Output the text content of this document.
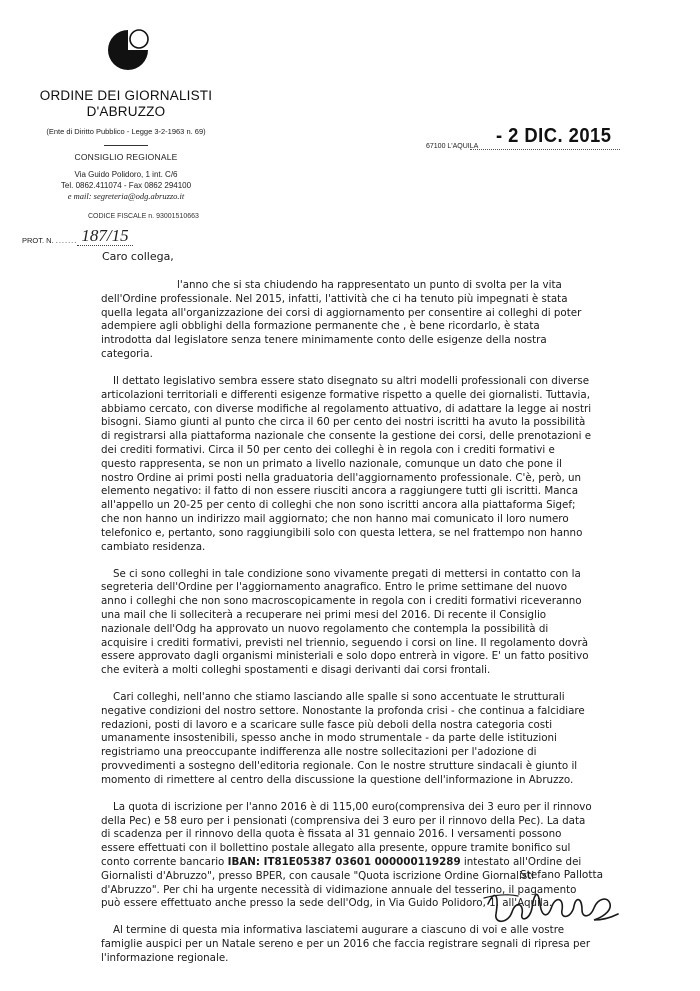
ORDINE DEI GIORNALISTI
D'ABRUZZO
(Ente di Diritto Pubblico - Legge 3-2-1963 n. 69)
CONSIGLIO REGIONALE
Via Guido Polidoro, 1 int. C/6
Tel. 0862.411074 - Fax 0862 294100
e mail: segreteria@odg.abruzzo.it
CODICE FISCALE n. 93001510663
PROT. N. ....... 187/15
67100 L'AQUILA - 2 DIC. 2015
Caro collega,

l'anno che si sta chiudendo ha rappresentato un punto di svolta per la vita dell'Ordine professionale. Nel 2015, infatti, l'attività che ci ha tenuto più impegnati è stata quella legata all'organizzazione dei corsi di aggiornamento per consentire ai colleghi di poter adempiere agli obblighi della formazione permanente che , è bene ricordarlo, è stata introdotta dal legislatore senza tenere minimamente conto delle esigenze della nostra categoria.

Il dettato legislativo sembra essere stato disegnato su altri modelli professionali con diverse articolazioni territoriali e differenti esigenze formative rispetto a quelle dei giornalisti. Tuttavia, abbiamo cercato, con diverse modifiche al regolamento attuativo, di adattare la legge ai nostri bisogni. Siamo giunti al punto che circa il 60 per cento dei nostri iscritti ha avuto la possibilità di registrarsi alla piattaforma nazionale che consente la gestione dei corsi, delle prenotazioni e dei crediti formativi. Circa il 50 per cento dei colleghi è in regola con i crediti formativi e questo rappresenta, se non un primato a livello nazionale, comunque un dato che pone il nostro Ordine ai primi posti nella graduatoria dell'aggiornamento professionale. C'è, però, un elemento negativo: il fatto di non essere riusciti ancora a raggiungere tutti gli iscritti. Manca all'appello un 20-25 per cento di colleghi che non sono iscritti ancora alla piattaforma Sigef; che non hanno un indirizzo mail aggiornato; che non hanno mai comunicato il loro numero telefonico e, pertanto, sono raggiungibili solo con questa lettera, se nel frattempo non hanno cambiato residenza.

Se ci sono colleghi in tale condizione sono vivamente pregati di mettersi in contatto con la segreteria dell'Ordine per l'aggiornamento anagrafico. Entro le prime settimane del nuovo anno i colleghi che non sono macroscopicamente in regola con i crediti formativi riceveranno una mail che li solleciterà a recuperare nei primi mesi del 2016. Di recente il Consiglio nazionale dell'Odg ha approvato un nuovo regolamento che contempla la possibilità di acquisire i crediti formativi, previsti nel triennio, seguendo i corsi on line. Il regolamento dovrà essere approvato dagli organismi ministeriali e solo dopo entrerà in vigore. E' un fatto positivo che eviterà a molti colleghi spostamenti e disagi derivanti dai corsi frontali.

Cari colleghi, nell'anno che stiamo lasciando alle spalle si sono accentuate le strutturali negative condizioni del nostro settore. Nonostante la profonda crisi - che continua a falcidiare redazioni, posti di lavoro e a scaricare sulle fasce più deboli della nostra categoria costi umanamente insostenibili, spesso anche in modo strumentale - da parte delle istituzioni registriamo una preoccupante indifferenza alle nostre sollecitazioni per l'adozione di provvedimenti a sostegno dell'editoria regionale. Con le nostre strutture sindacali è giunto il momento di rimettere al centro della discussione la questione dell'informazione in Abruzzo.

La quota di iscrizione per l'anno 2016 è di 115,00 euro(comprensiva dei 3 euro per il rinnovo della Pec) e 58 euro per i pensionati (comprensiva dei 3 euro per il rinnovo della Pec). La data di scadenza per il rinnovo della quota è fissata al 31 gennaio 2016. I versamenti possono essere effettuati con il bollettino postale allegato alla presente, oppure tramite bonifico sul conto corrente bancario IBAN: IT81E05387 03601 000000119289 intestato all'Ordine dei Giornalisti d'Abruzzo", presso BPER, con causale "Quota iscrizione Ordine Giornalisti d'Abruzzo". Per chi ha urgente necessità di vidimazione annuale del tesserino, il pagamento può essere effettuato anche presso la sede dell'Odg, in Via Guido Polidoro, 1, all'Aquila.

Al termine di questa mia informativa lasciatemi augurare a ciascuno di voi e alle vostre famiglie auspici per un Natale sereno e per un 2016 che faccia registrare segnali di ripresa per l'informazione regionale.

Stefano Pallotta
